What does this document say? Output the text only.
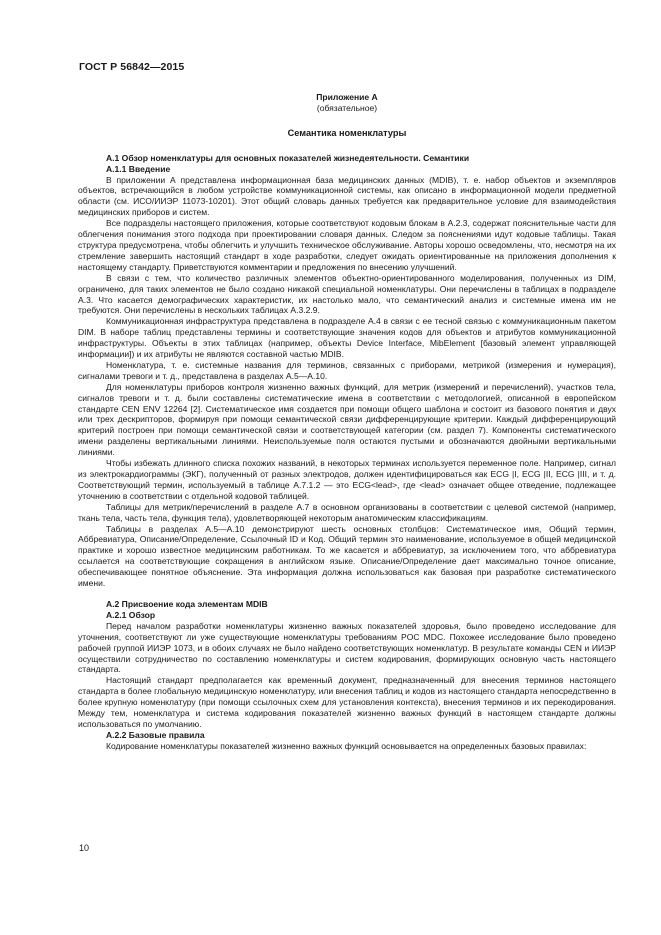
ГОСТ Р 56842—2015
Приложение А
(обязательное)
Семантика номенклатуры
А.1 Обзор номенклатуры для основных показателей жизнедеятельности. Семантики
А.1.1 Введение

В приложении А представлена информационная база медицинских данных (MDIB), т. е. набор объектов и экземпляров объектов, встречающийся в любом устройстве коммуникационной системы, как описано в информационной модели предметной области (см. ИСО/ИИЭР 11073-10201). Этот общий словарь данных требуется как предварительное условие для взаимодействия медицинских приборов и систем.

Все подразделы настоящего приложения, которые соответствуют кодовым блокам в А.2.3, содержат пояснительные части для облегчения понимания этого подхода при проектировании словаря данных. Следом за пояснениями идут кодовые таблицы. Такая структура предусмотрена, чтобы облегчить и улучшить техническое обслуживание. Авторы хорошо осведомлены, что, несмотря на их стремление завершить настоящий стандарт в ходе разработки, следует ожидать ориентированные на приложения дополнения к настоящему стандарту. Приветствуются комментарии и предложения по внесению улучшений.

В связи с тем, что количество различных элементов объектно-ориентированного моделирования, полученных из DIM, ограничено, для таких элементов не было создано никакой специальной номенклатуры. Они перечислены в таблицах в подразделе А.3. Что касается демографических характеристик, их настолько мало, что семантический анализ и системные имена им не требуются. Они перечислены в нескольких таблицах А.3.2.9.

Коммуникационная инфраструктура представлена в подразделе А.4 в связи с ее тесной связью с коммуникационным пакетом DIM. В наборе таблиц представлены термины и соответствующие значения кодов для объектов и атрибутов коммуникационной инфраструктуры. Объекты в этих таблицах (например, объекты Device Interface, MibElement [базовый элемент управляющей информации]) и их атрибуты не являются составной частью MDIB.

Номенклатура, т. е. системные названия для терминов, связанных с приборами, метрикой (измерения и нумерация), сигналами тревоги и т. д., представлена в разделах А.5—А.10.

Для номенклатуры приборов контроля жизненно важных функций, для метрик (измерений и перечислений), участков тела, сигналов тревоги и т. д. были составлены систематические имена в соответствии с методологией, описанной в европейском стандарте CEN ENV 12264 [2]. Систематическое имя создается при помощи общего шаблона и состоит из базового понятия и двух или трех дескрипторов, формируя при помощи семантической связи дифференцирующие критерии. Каждый дифференцирующий критерий построен при помощи семантической связи и соответствующей категории (см. раздел 7). Компоненты систематического имени разделены вертикальными линиями. Неиспользуемые поля остаются пустыми и обозначаются двойными вертикальными линиями.

Чтобы избежать длинного списка похожих названий, в некоторых терминах используется переменное поле. Например, сигнал из электрокардиограммы (ЭКГ), полученный от разных электродов, должен идентифицироваться как ECG |I, ECG |II, ECG |III, и т. д. Соответствующий термин, используемый в таблице А.7.1.2 — это ECG<lead>, где <lead> означает общее отведение, подлежащее уточнению в соответствии с отдельной кодовой таблицей.

Таблицы для метрик/перечислений в разделе А.7 в основном организованы в соответствии с целевой системой (например, ткань тела, часть тела, функция тела), удовлетворяющей некоторым анатомическим классификациям.

Таблицы в разделах А.5—А.10 демонстрируют шесть основных столбцов: Систематическое имя, Общий термин, Аббревиатура, Описание/Определение, Ссылочный ID и Код. Общий термин это наименование, используемое в общей медицинской практике и хорошо известное медицинским работникам. То же касается и аббревиатур, за исключением того, что аббревиатура ссылается на соответствующие сокращения в английском языке. Описание/Определение дает максимально точное описание, обеспечивающее понятное объяснение. Эта информация должна использоваться как базовая при разработке систематического имени.

А.2 Присвоение кода элементам MDIB
А.2.1 Обзор

Перед началом разработки номенклатуры жизненно важных показателей здоровья, было проведено исследование для уточнения, соответствуют ли уже существующие номенклатуры требованиям POC MDC. Похожее исследование было проведено рабочей группой ИИЭР 1073, и в обоих случаях не было найдено соответствующих номенклатур. В результате команды CEN и ИИЭР осуществили сотрудничество по составлению номенклатуры и систем кодирования, формирующих основную часть настоящего стандарта.

Настоящий стандарт предполагается как временный документ, предназначенный для внесения терминов настоящего стандарта в более глобальную медицинскую номенклатуру, или внесения таблиц и кодов из настоящего стандарта непосредственно в более крупную номенклатуру (при помощи ссылочных схем для установления контекста), внесения терминов и их перекодирования. Между тем, номенклатура и система кодирования показателей жизненно важных функций в настоящем стандарте должны использоваться по умолчанию.

А.2.2 Базовые правила

Кодирование номенклатуры показателей жизненно важных функций основывается на определенных базовых правилах:

10
